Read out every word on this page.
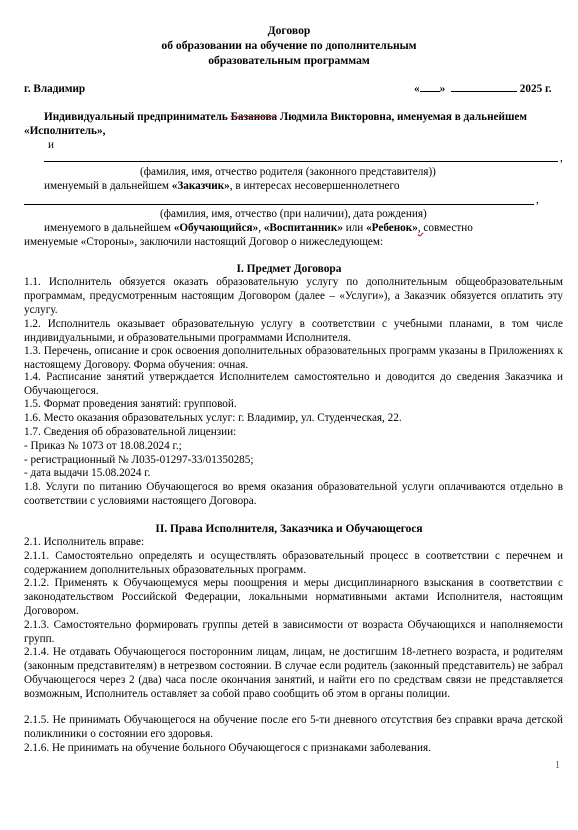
Договор
об образовании на обучение по дополнительным
образовательным программам
г. Владимир	« »	2025 г.
Индивидуальный предприниматель Базанова Людмила Викторовна, именуемая в дальнейшем
«Исполнитель»,
и
,
(фамилия, имя, отчество родителя (законного представителя))
именуемый в дальнейшем «Заказчик», в интересах несовершеннолетнего
,
(фамилия, имя, отчество (при наличии), дата рождения)
именуемого в дальнейшем «Обучающийся», «Воспитанник» или «Ребенок», совместно
именуемые «Стороны», заключили настоящий Договор о нижеследующем:
I. Предмет Договора
1.1. Исполнитель обязуется оказать образовательную услугу по дополнительным общеобразовательным программам, предусмотренным настоящим Договором (далее – «Услуги»), а Заказчик обязуется оплатить эту услугу.
1.2. Исполнитель оказывает образовательную услугу в соответствии с учебными планами, в том числе индивидуальными, и образовательными программами Исполнителя.
1.3. Перечень, описание и срок освоения дополнительных образовательных программ указаны в Приложениях к настоящему Договору. Форма обучения: очная.
1.4. Расписание занятий утверждается Исполнителем самостоятельно и доводится до сведения Заказчика и Обучающегося.
1.5. Формат проведения занятий: групповой.
1.6. Место оказания образовательных услуг: г. Владимир, ул. Студенческая, 22.
1.7. Сведения об образовательной лицензии:
- Приказ № 1073 от 18.08.2024 г.;
- регистрационный № Л035-01297-33/01350285;
- дата выдачи 15.08.2024 г.
1.8. Услуги по питанию Обучающегося во время оказания образовательной услуги оплачиваются отдельно в соответствии с условиями настоящего Договора.
II. Права Исполнителя, Заказчика и Обучающегося
2.1. Исполнитель вправе:
2.1.1. Самостоятельно определять и осуществлять образовательный процесс в соответствии с перечнем и содержанием дополнительных образовательных программ.
2.1.2. Применять к Обучающемуся меры поощрения и меры дисциплинарного взыскания в соответствии с законодательством Российской Федерации, локальными нормативными актами Исполнителя, настоящим Договором.
2.1.3. Самостоятельно формировать группы детей в зависимости от возраста Обучающихся и наполняемости групп.
2.1.4. Не отдавать Обучающегося посторонним лицам, лицам, не достигшим 18-летнего возраста, и родителям (законным представителям) в нетрезвом состоянии. В случае если родитель (законный представитель) не забрал Обучающегося через 2 (два) часа после окончания занятий, и найти его по средствам связи не представляется возможным, Исполнитель оставляет за собой право сообщить об этом в органы полиции.
2.1.5. Не принимать Обучающегося на обучение после его 5-ти дневного отсутствия без справки врача детской поликлиники о состоянии его здоровья.
2.1.6. Не принимать на обучение больного Обучающегося с признаками заболевания.
1
